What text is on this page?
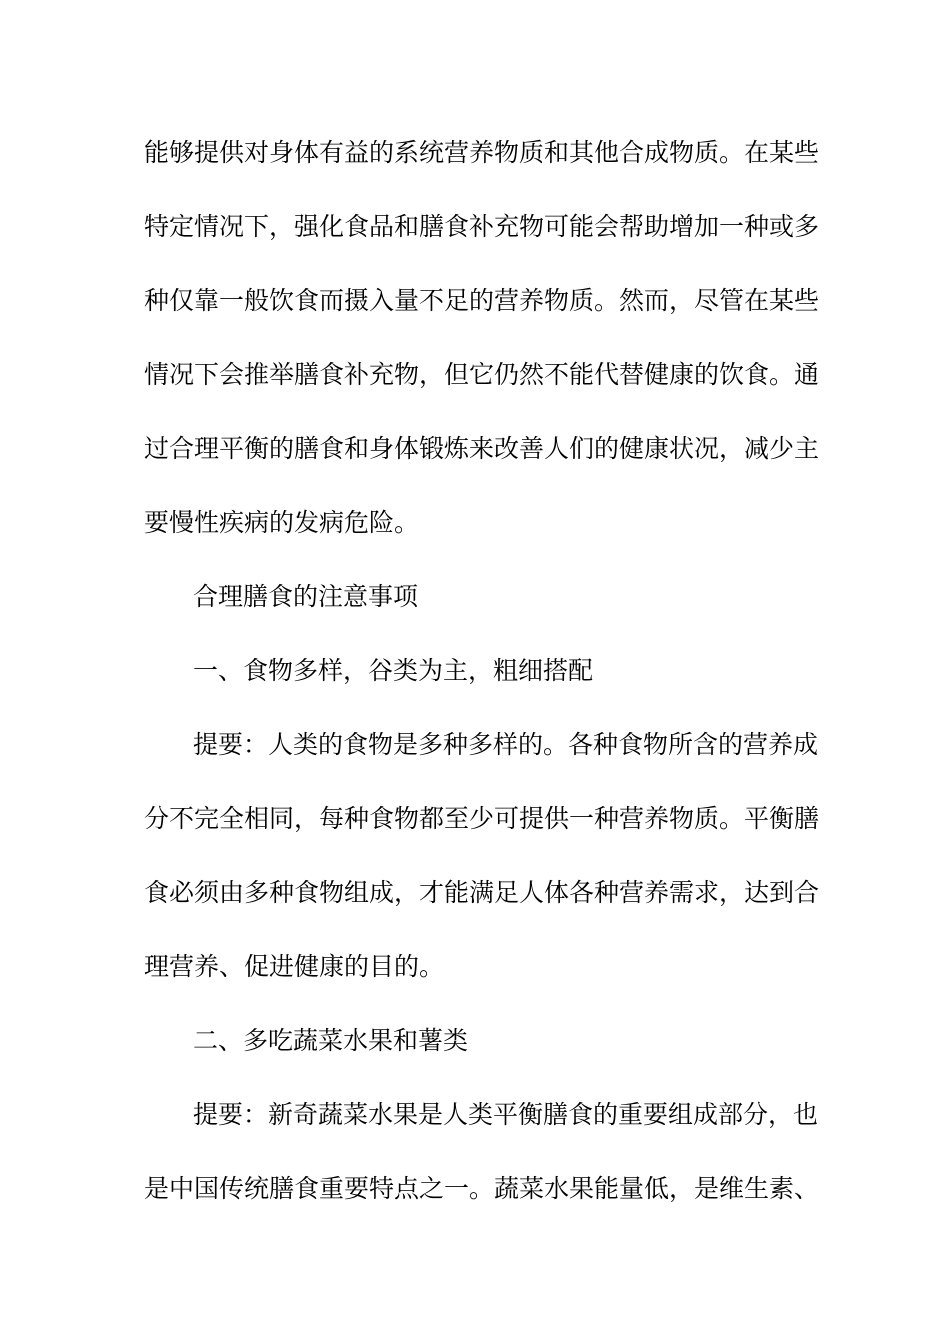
能够提供对身体有益的系统营养物质和其他合成物质。在某些
特定情况下，强化食品和膳食补充物可能会帮助增加一种或多
种仅靠一般饮食而摄入量不足的营养物质。然而，尽管在某些
情况下会推举膳食补充物，但它仍然不能代替健康的饮食。通
过合理平衡的膳食和身体锻炼来改善人们的健康状况，减少主
要慢性疾病的发病危险。
合理膳食的注意事项
一、食物多样，谷类为主，粗细搭配
提要：人类的食物是多种多样的。各种食物所含的营养成
分不完全相同，每种食物都至少可提供一种营养物质。平衡膳
食必须由多种食物组成，才能满足人体各种营养需求，达到合
理营养、促进健康的目的。
二、多吃蔬菜水果和薯类
提要：新奇蔬菜水果是人类平衡膳食的重要组成部分，也
是中国传统膳食重要特点之一。蔬菜水果能量低，是维生素、
